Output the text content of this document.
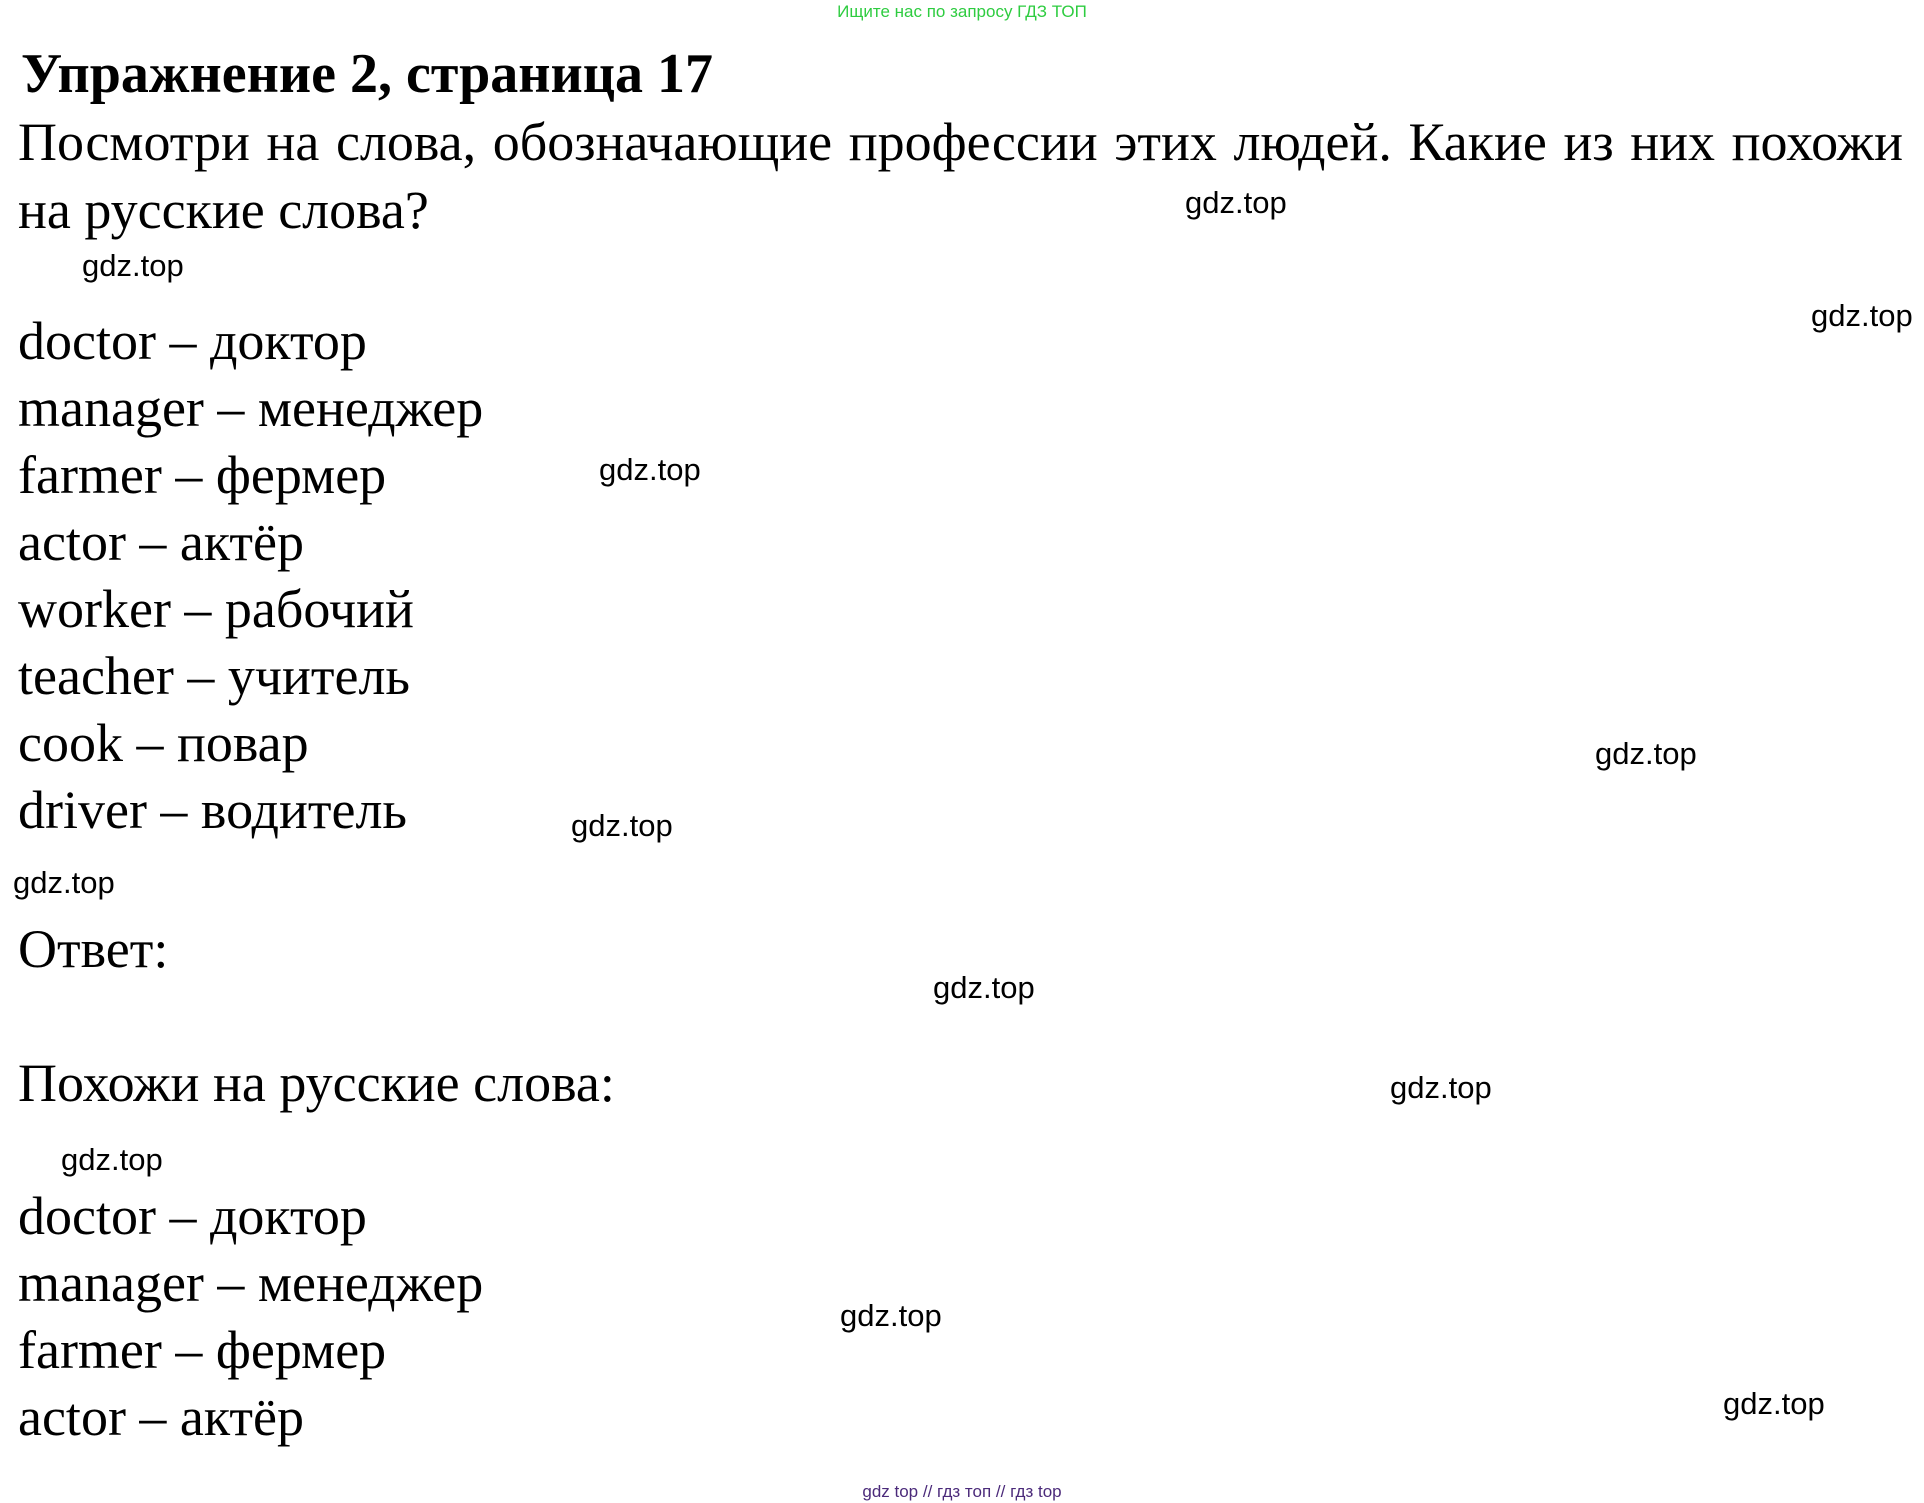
Ищите нас по запросу ГДЗ ТОП
Упражнение 2, страница 17

Посмотри на слова, обозначающие профессии этих людей. Какие из них похожи на русские слова?

doctor – доктор
manager – менеджер
farmer – фермер
actor – актёр
worker – рабочий
teacher – учитель
cook – повар
driver – водитель

Ответ:

Похожи на русские слова:

doctor – доктор
manager – менеджер
farmer – фермер
actor – актёр
gdz.top
gdz.top
gdz.top
gdz.top
gdz.top
gdz.top
gdz.top
gdz.top
gdz.top
gdz.top
gdz.top
gdz.top
gdz top // гдз топ // гдз top
